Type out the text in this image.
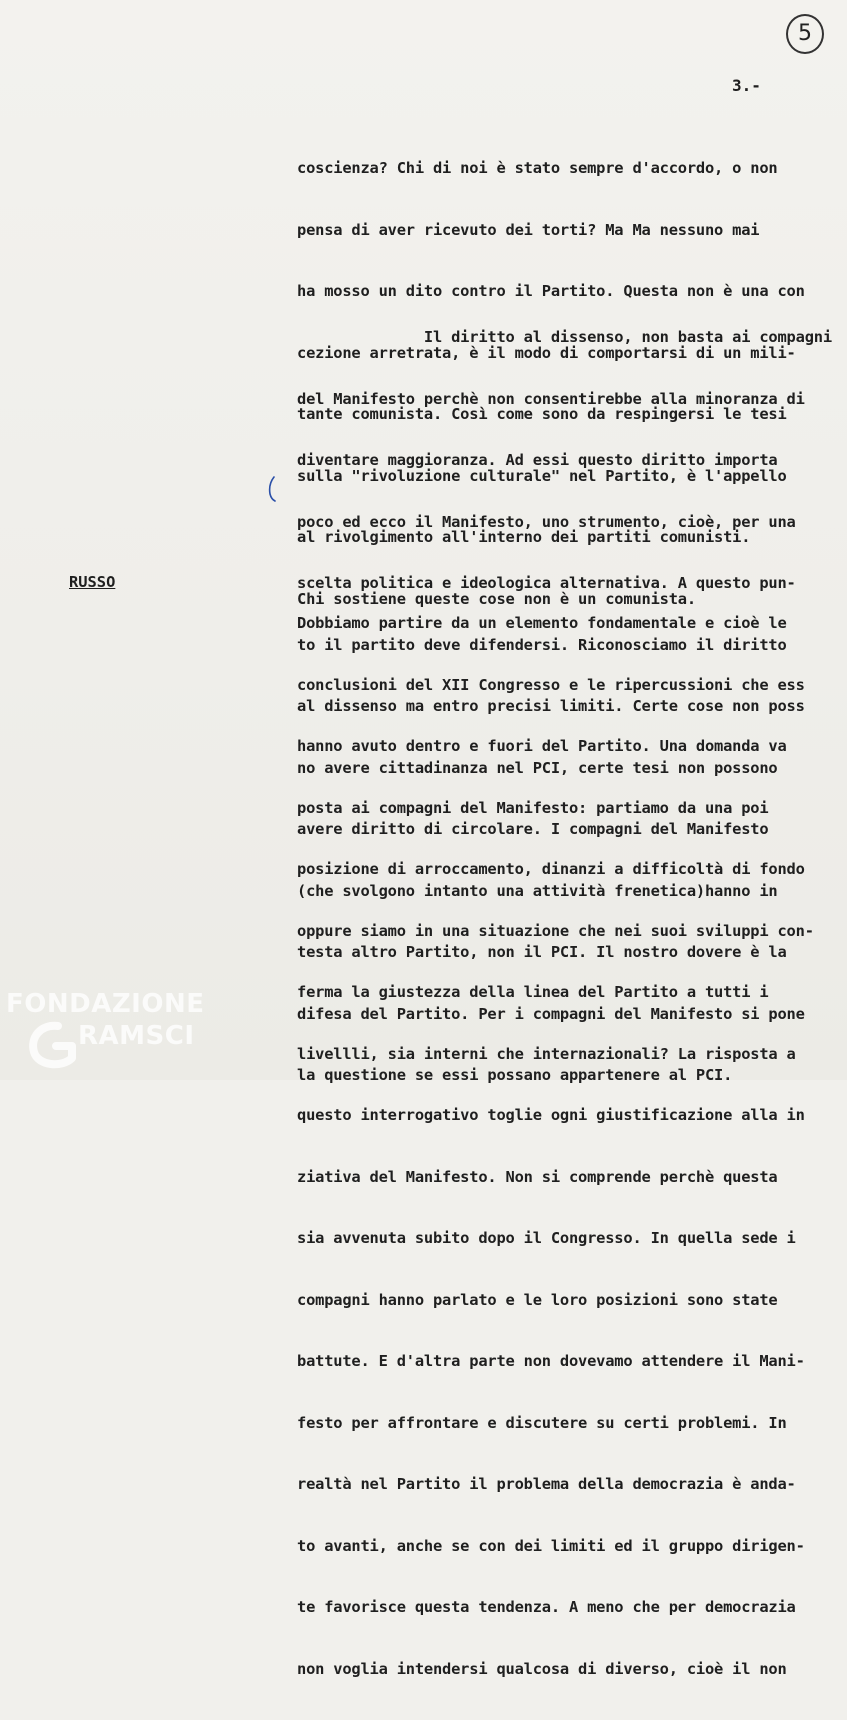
5
3.-

coscienza? Chi di noi è stato sempre d'accordo, o non

pensa di aver ricevuto dei torti? Ma Ma nessuno mai

ha mosso un dito contro il Partito. Questa non è una con

cezione arretrata, è il modo di comportarsi di un mili-

tante comunista. Così come sono da respingersi le tesi

sulla "rivoluzione culturale" nel Partito, è l'appello

al rivolgimento all'interno dei partiti comunisti.

Chi sostiene queste cose non è un comunista.

Il diritto al dissenso, non basta ai compagni

del Manifesto perchè non consentirebbe alla minoranza di

diventare maggioranza. Ad essi questo diritto importa

poco ed ecco il Manifesto, uno strumento, cioè, per una

scelta politica e ideologica alternativa. A questo pun-

to il partito deve difendersi. Riconosciamo il diritto

al dissenso ma entro precisi limiti. Certe cose non poss

no avere cittadinanza nel PCI, certe tesi non possono

avere diritto di circolare. I compagni del Manifesto

(che svolgono intanto una attività frenetica)hanno in

testa altro Partito, non il PCI. Il nostro dovere è la

difesa del Partito. Per i compagni del Manifesto si pone

la questione se essi possano appartenere al PCI.

RUSSO

Dobbiamo partire da un elemento fondamentale e cioè le

conclusioni del XII Congresso e le ripercussioni che ess

hanno avuto dentro e fuori del Partito. Una domanda va

posta ai compagni del Manifesto: partiamo da una poi

posizione di arroccamento, dinanzi a difficoltà di fondo

oppure siamo in una situazione che nei suoi sviluppi con-

ferma la giustezza della linea del Partito a tutti i

livellli, sia interni che internazionali? La risposta a

questo interrogativo toglie ogni giustificazione alla in

ziativa del Manifesto. Non si comprende perchè questa

sia avvenuta subito dopo il Congresso. In quella sede i

compagni hanno parlato e le loro posizioni sono state

battute. E d'altra parte non dovevamo attendere il Mani-

festo per affrontare e discutere su certi problemi. In

realtà nel Partito il problema della democrazia è anda-

to avanti, anche se con dei limiti ed il gruppo dirigen-

te favorisce questa tendenza. A meno che per democrazia

non voglia intendersi qualcosa di diverso, cioè il non

FONDAZIONE
RAMSCI
